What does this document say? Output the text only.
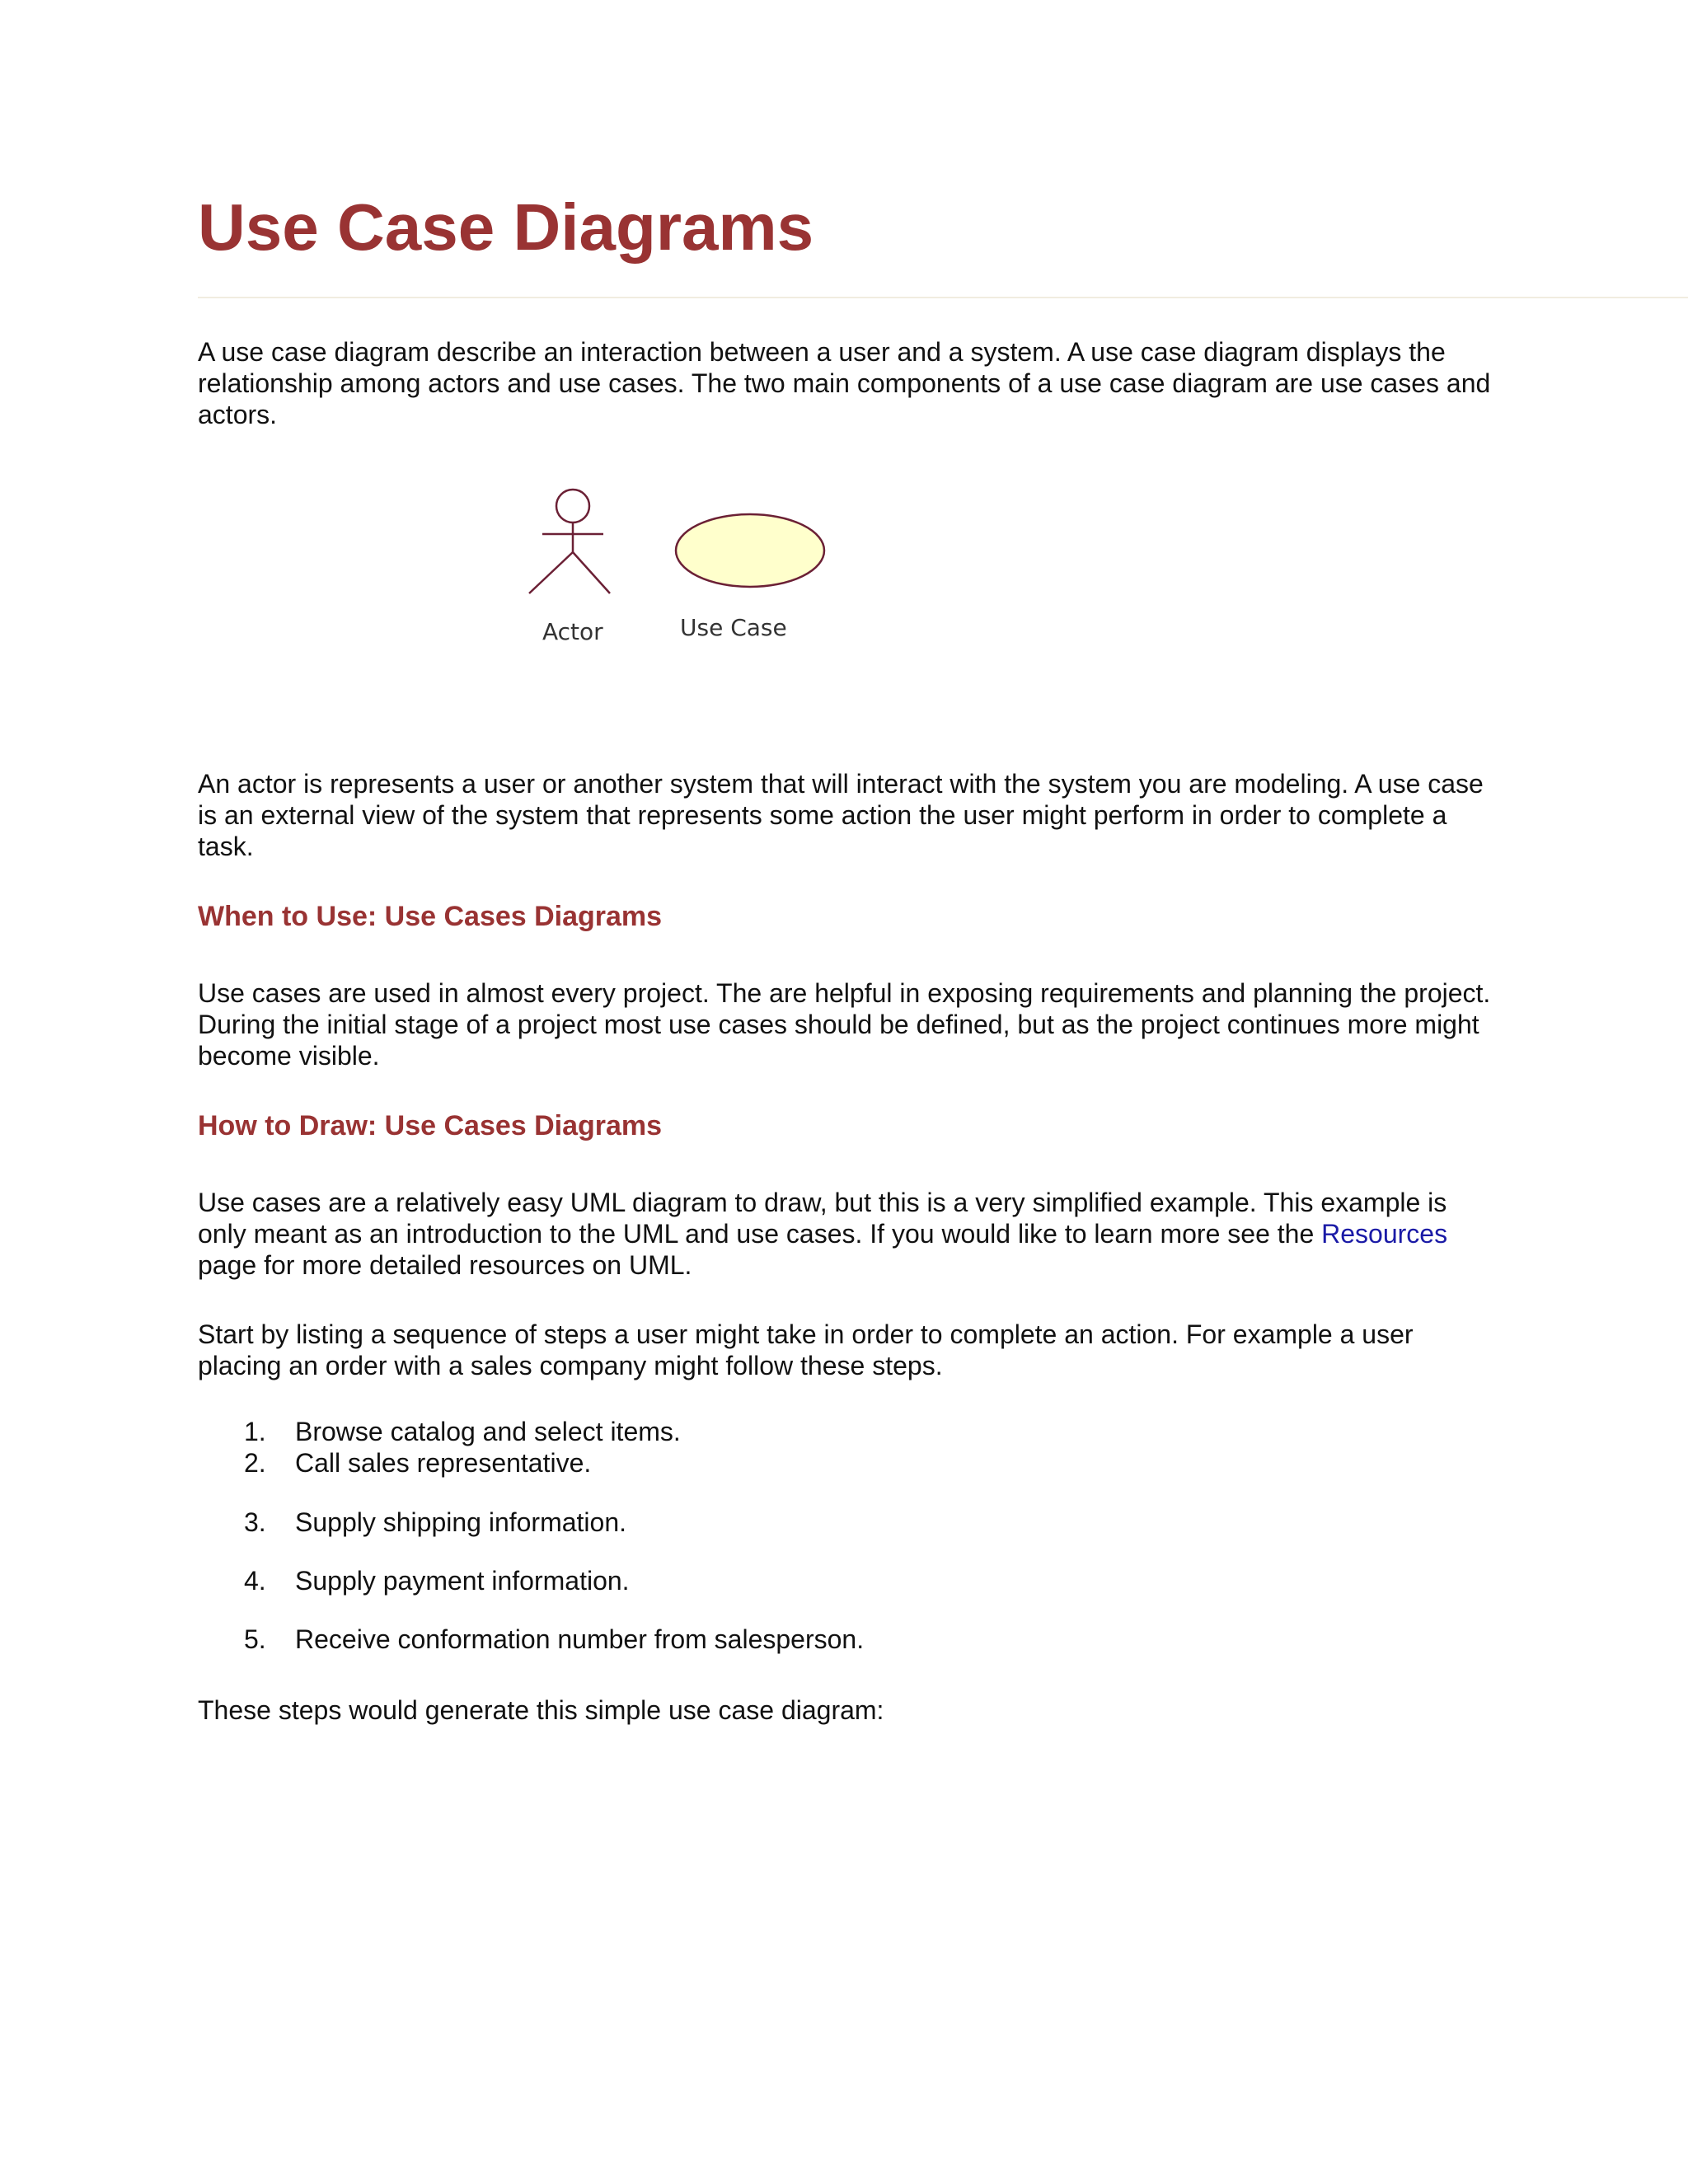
Use Case Diagrams

A use case diagram describe an interaction between a user and a system. A use case diagram displays the relationship among actors and use cases. The two main components of a use case diagram are use cases and actors.

Actor	Use Case

An actor is represents a user or another system that will interact with the system you are modeling. A use case is an external view of the system that represents some action the user might perform in order to complete a task.

When to Use: Use Cases Diagrams

Use cases are used in almost every project. The are helpful in exposing requirements and planning the project. During the initial stage of a project most use cases should be defined, but as the project continues more might become visible.

How to Draw: Use Cases Diagrams

Use cases are a relatively easy UML diagram to draw, but this is a very simplified example. This example is only meant as an introduction to the UML and use cases. If you would like to learn more see the Resources page for more detailed resources on UML.

Start by listing a sequence of steps a user might take in order to complete an action. For example a user placing an order with a sales company might follow these steps.

1.	Browse catalog and select items.
2.	Call sales representative.
3.	Supply shipping information.
4.	Supply payment information.
5.	Receive conformation number from salesperson.

These steps would generate this simple use case diagram:
